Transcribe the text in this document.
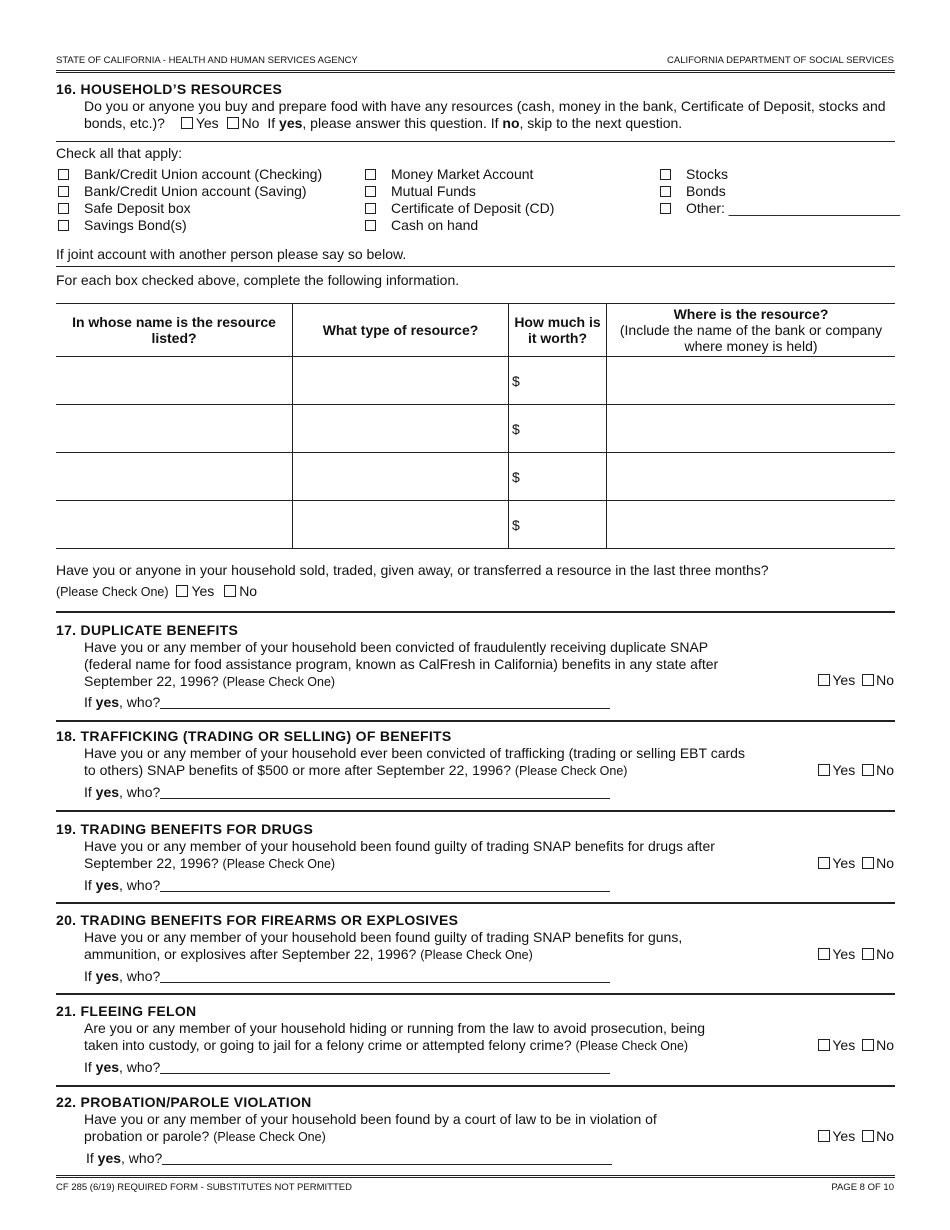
STATE OF CALIFORNIA - HEALTH AND HUMAN SERVICES AGENCY	CALIFORNIA DEPARTMENT OF SOCIAL SERVICES
16. HOUSEHOLD’S RESOURCES
Do you or anyone you buy and prepare food with have any resources (cash, money in the bank, Certificate of Deposit, stocks and bonds, etc.)? Yes No If yes, please answer this question. If no, skip to the next question.
Check all that apply:
Bank/Credit Union account (Checking)
Bank/Credit Union account (Saving)
Safe Deposit box
Savings Bond(s)
Money Market Account
Mutual Funds
Certificate of Deposit (CD)
Cash on hand
Stocks
Bonds
Other: ______________________
If joint account with another person please say so below.
For each box checked above, complete the following information.
In whose name is the resource listed?	What type of resource?	How much is it worth?	Where is the resource?
(Include the name of the bank or company where money is held)
		$	
		$	
		$	
		$	
Have you or anyone in your household sold, traded, given away, or transferred a resource in the last three months?
(Please Check One) Yes No
17. DUPLICATE BENEFITS
Have you or any member of your household been convicted of fraudulently receiving duplicate SNAP (federal name for food assistance program, known as CalFresh in California) benefits in any state after September 22, 1996? (Please Check One)	Yes No
If yes, who?
18. TRAFFICKING (TRADING OR SELLING) OF BENEFITS
Have you or any member of your household ever been convicted of trafficking (trading or selling EBT cards to others) SNAP benefits of $500 or more after September 22, 1996? (Please Check One)	Yes No
If yes, who?
19. TRADING BENEFITS FOR DRUGS
Have you or any member of your household been found guilty of trading SNAP benefits for drugs after September 22, 1996? (Please Check One)	Yes No
If yes, who?
20. TRADING BENEFITS FOR FIREARMS OR EXPLOSIVES
Have you or any member of your household been found guilty of trading SNAP benefits for guns, ammunition, or explosives after September 22, 1996? (Please Check One)	Yes No
If yes, who?
21. FLEEING FELON
Are you or any member of your household hiding or running from the law to avoid prosecution, being taken into custody, or going to jail for a felony crime or attempted felony crime? (Please Check One)	Yes No
If yes, who?
22. PROBATION/PAROLE VIOLATION
Have you or any member of your household been found by a court of law to be in violation of probation or parole? (Please Check One)	Yes No
If yes, who?
CF 285 (6/19) REQUIRED FORM - SUBSTITUTES NOT PERMITTED	PAGE 8 OF 10
